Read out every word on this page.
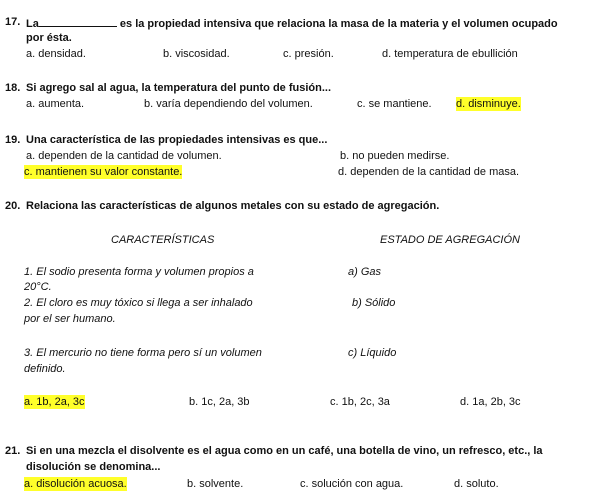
17. La	es la propiedad intensiva que relaciona la masa de la materia y el volumen ocupado
por ésta.
a. densidad.	b. viscosidad.	c. presión.	d. temperatura de ebullición
18. Si agrego sal al agua, la temperatura del punto de fusión...
a. aumenta.	b. varía dependiendo del volumen.	c. se mantiene. d. disminuye.
19. Una característica de las propiedades intensivas es que...
a. dependen de la cantidad de volumen.	b. no pueden medirse.
c. mantienen su valor constante.	d. dependen de la cantidad de masa.
20. Relaciona las características de algunos metales con su estado de agregación.
CARACTERÍSTICAS	ESTADO DE AGREGACIÓN
1. El sodio presenta forma y volumen propios a
20°C.
a) Gas
2. El cloro es muy tóxico si llega a ser inhalado
por el ser humano.
b) Sólido
3. El mercurio no tiene forma pero sí un volumen
definido.
c) Líquido
a. 1b, 2a, 3c	b. 1c, 2a, 3b	c. 1b, 2c, 3a	d. 1a, 2b, 3c
21. Si en una mezcla el disolvente es el agua como en un café, una botella de vino, un refresco, etc., la
disolución se denomina...
a. disolución acuosa.	b. solvente.	c. solución con agua.	d. soluto.
